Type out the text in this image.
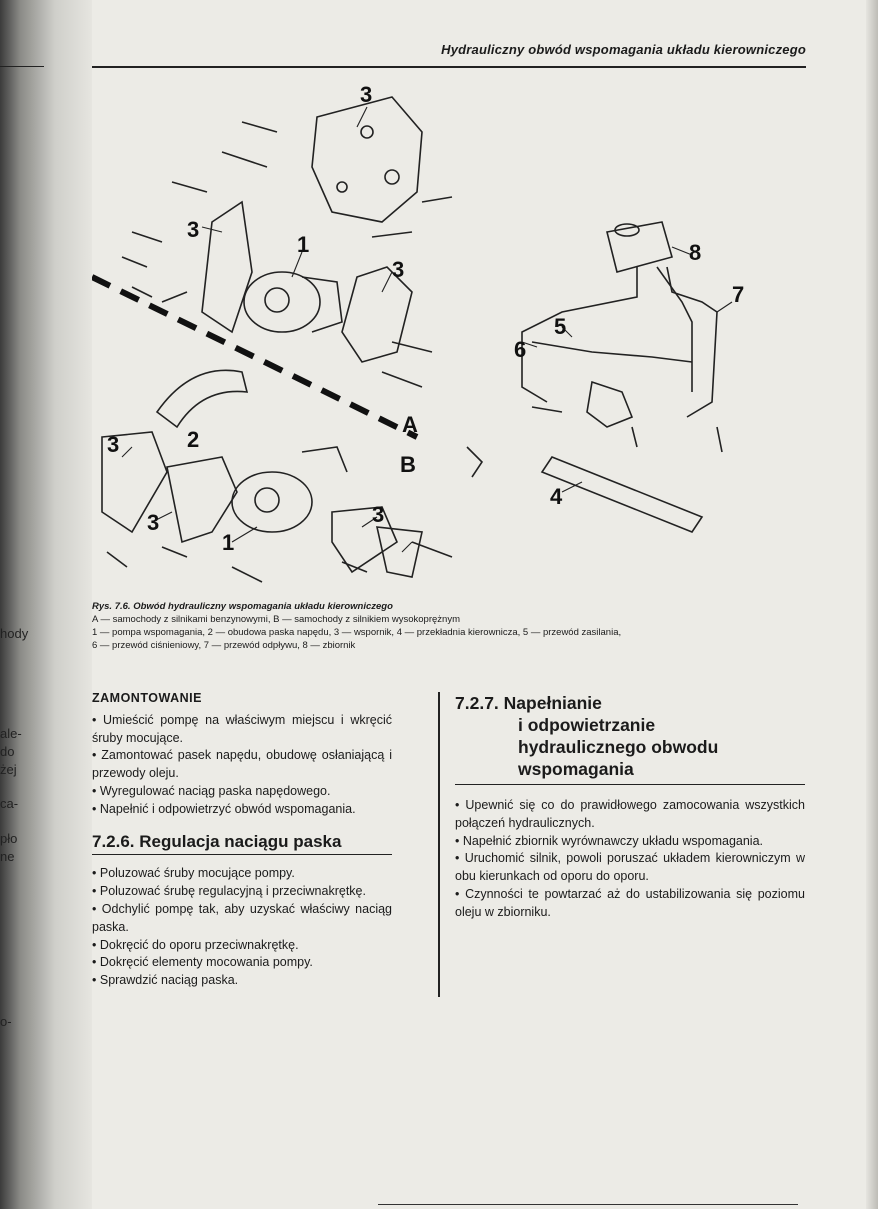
hody
ale-
do
żej
ca-
pło
ne
o-
Hydrauliczny obwód wspomagania układu kierowniczego
3
3
1
3
A
B
2
3
3
1
3
8
7
5
6
4
Rys. 7.6. Obwód hydrauliczny wspomagania układu kierowniczego
A — samochody z silnikami benzynowymi, B — samochody z silnikiem wysokoprężnym
1 — pompa wspomagania, 2 — obudowa paska napędu, 3 — wspornik, 4 — przekładnia kierownicza, 5 — przewód zasilania,
6 — przewód ciśnieniowy, 7 — przewód odpływu, 8 — zbiornik
ZAMONTOWANIE
• Umieścić pompę na właściwym miejscu i wkręcić śruby mocujące.
• Zamontować pasek napędu, obudowę osłaniającą i przewody oleju.
• Wyregulować naciąg paska napędowego.
• Napełnić i odpowietrzyć obwód wspomagania.
7.2.6. Regulacja naciągu paska
• Poluzować śruby mocujące pompy.
• Poluzować śrubę regulacyjną i przeciwnakrętkę.
• Odchylić pompę tak, aby uzyskać właściwy naciąg paska.
• Dokręcić do oporu przeciwnakrętkę.
• Dokręcić elementy mocowania pompy.
• Sprawdzić naciąg paska.
7.2.7. Napełnianie
i odpowietrzanie
hydraulicznego obwodu
wspomagania
• Upewnić się co do prawidłowego zamocowania wszystkich połączeń hydraulicznych.
• Napełnić zbiornik wyrównawczy układu wspomagania.
• Uruchomić silnik, powoli poruszać układem kierowniczym w obu kierunkach od oporu do oporu.
• Czynności te powtarzać aż do ustabilizowania się poziomu oleju w zbiorniku.
